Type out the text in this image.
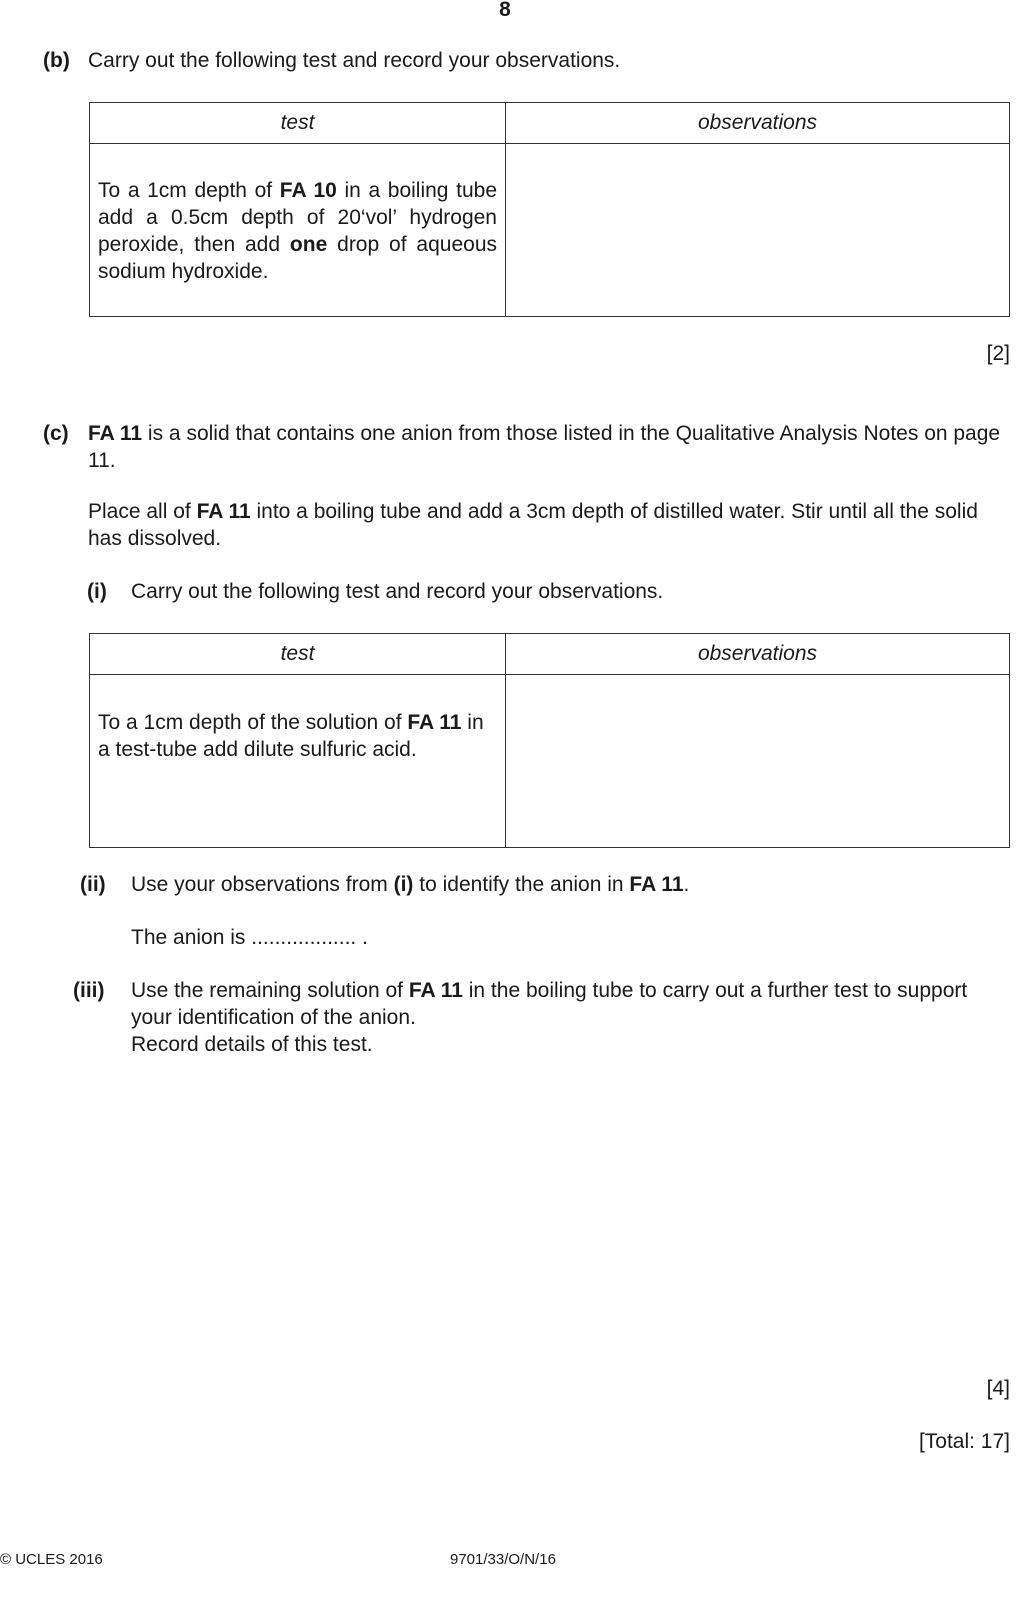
8
(b) Carry out the following test and record your observations.
test	observations

To a 1cm depth of FA 10 in a boiling tube add a 0.5cm depth of 20‘vol’ hydrogen peroxide, then add one drop of aqueous sodium hydroxide.	

[2]
(c) FA 11 is a solid that contains one anion from those listed in the Qualitative Analysis Notes on page 11.
Place all of FA 11 into a boiling tube and add a 3cm depth of distilled water. Stir until all the solid has dissolved.
(i) Carry out the following test and record your observations.
test	observations

To a 1cm depth of the solution of FA 11 in a test-tube add dilute sulfuric acid.	

(ii) Use your observations from (i) to identify the anion in FA 11.
The anion is .................. .
(iii) Use the remaining solution of FA 11 in the boiling tube to carry out a further test to support your identification of the anion.
Record details of this test.
[4]
[Total: 17]
© UCLES 2016	9701/33/O/N/16
